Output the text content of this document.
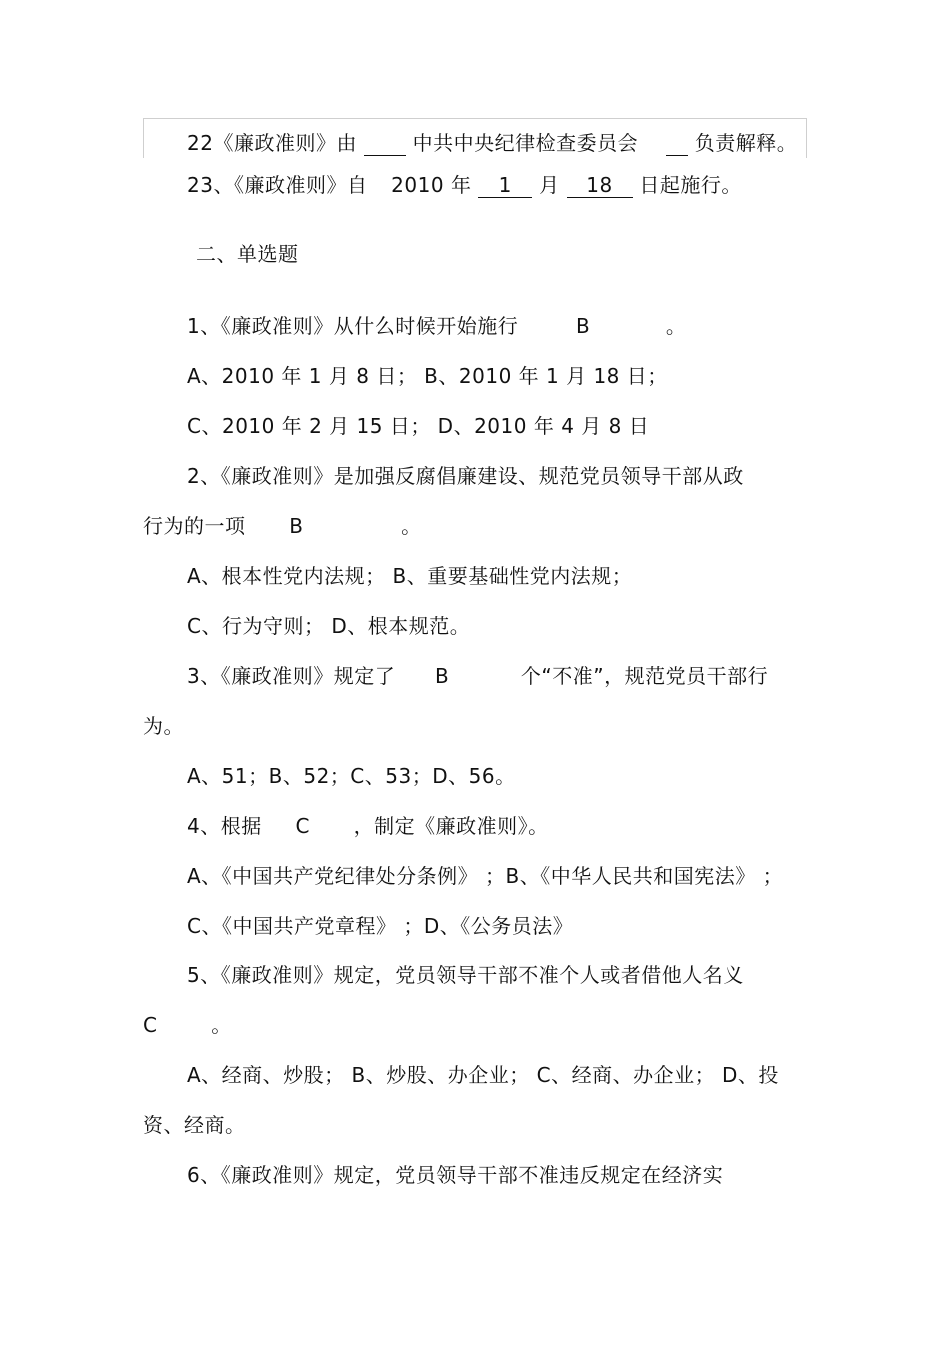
22《廉政准则》由	中共中央纪律检查委员会	负责解释。
23、《廉政准则》自 2010 年 1 月 18 日起施行。
二、单选题
1、《廉政准则》从什么时候开始施行	B	。
A、2010 年 1 月 8 日； B、2010 年 1 月 18 日；
C、2010 年 2 月 15 日； D、2010 年 4 月 8 日
2、《廉政准则》是加强反腐倡廉建设、规范党员领导干部从政
行为的一项 B	。
A、根本性党内法规； B、重要基础性党内法规；
C、行为守则； D、根本规范。
3、《廉政准则》规定了 B	个“不准”，规范党员干部行
为。
A、51；B、52；C、53；D、56。
4、根据 C ，制定《廉政准则》。
A、《中国共产党纪律处分条例》 ；B、《中华人民共和国宪法》 ；
C、《中国共产党章程》 ；D、《公务员法》
5、《廉政准则》规定，党员领导干部不准个人或者借他人名义
C	。
A、经商、炒股； B、炒股、办企业； C、经商、办企业； D、投
资、经商。
6、《廉政准则》规定，党员领导干部不准违反规定在经济实
